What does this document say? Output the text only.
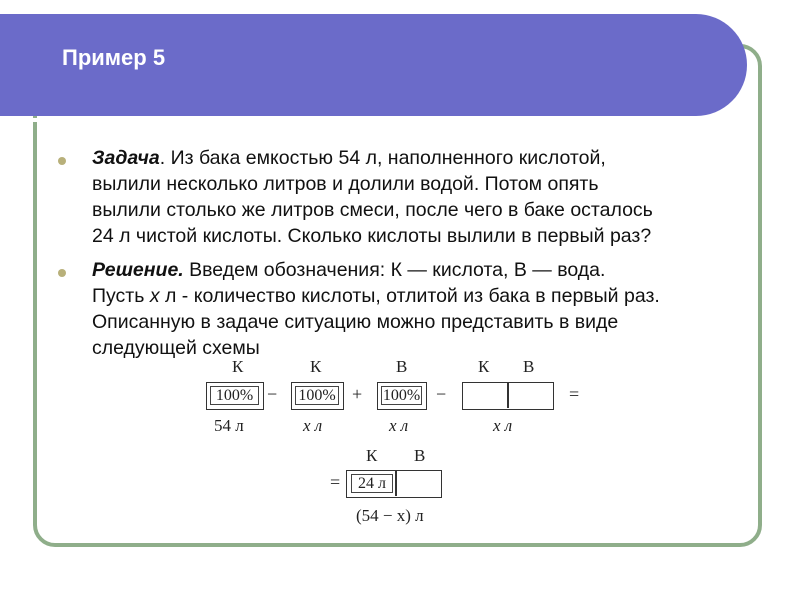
Пример 5
Задача. Из бака емкостью 54 л, наполненного кислотой,
вылили несколько литров и долили водой. Потом опять
вылили столько же литров смеси, после чего в баке осталось
24 л чистой кислоты. Сколько кислоты вылили в первый раз?
Решение. Введем обозначения: К — кислота, В — вода.
Пусть х л - количество кислоты, отлитой из бака в первый раз.
Описанную в задаче ситуацию можно представить в виде
следующей схемы
К	К	В	К В
100% − 100% + 100% −	=
54 л	х л	х л	х л
К В
=	24 л
(54 − х) л
